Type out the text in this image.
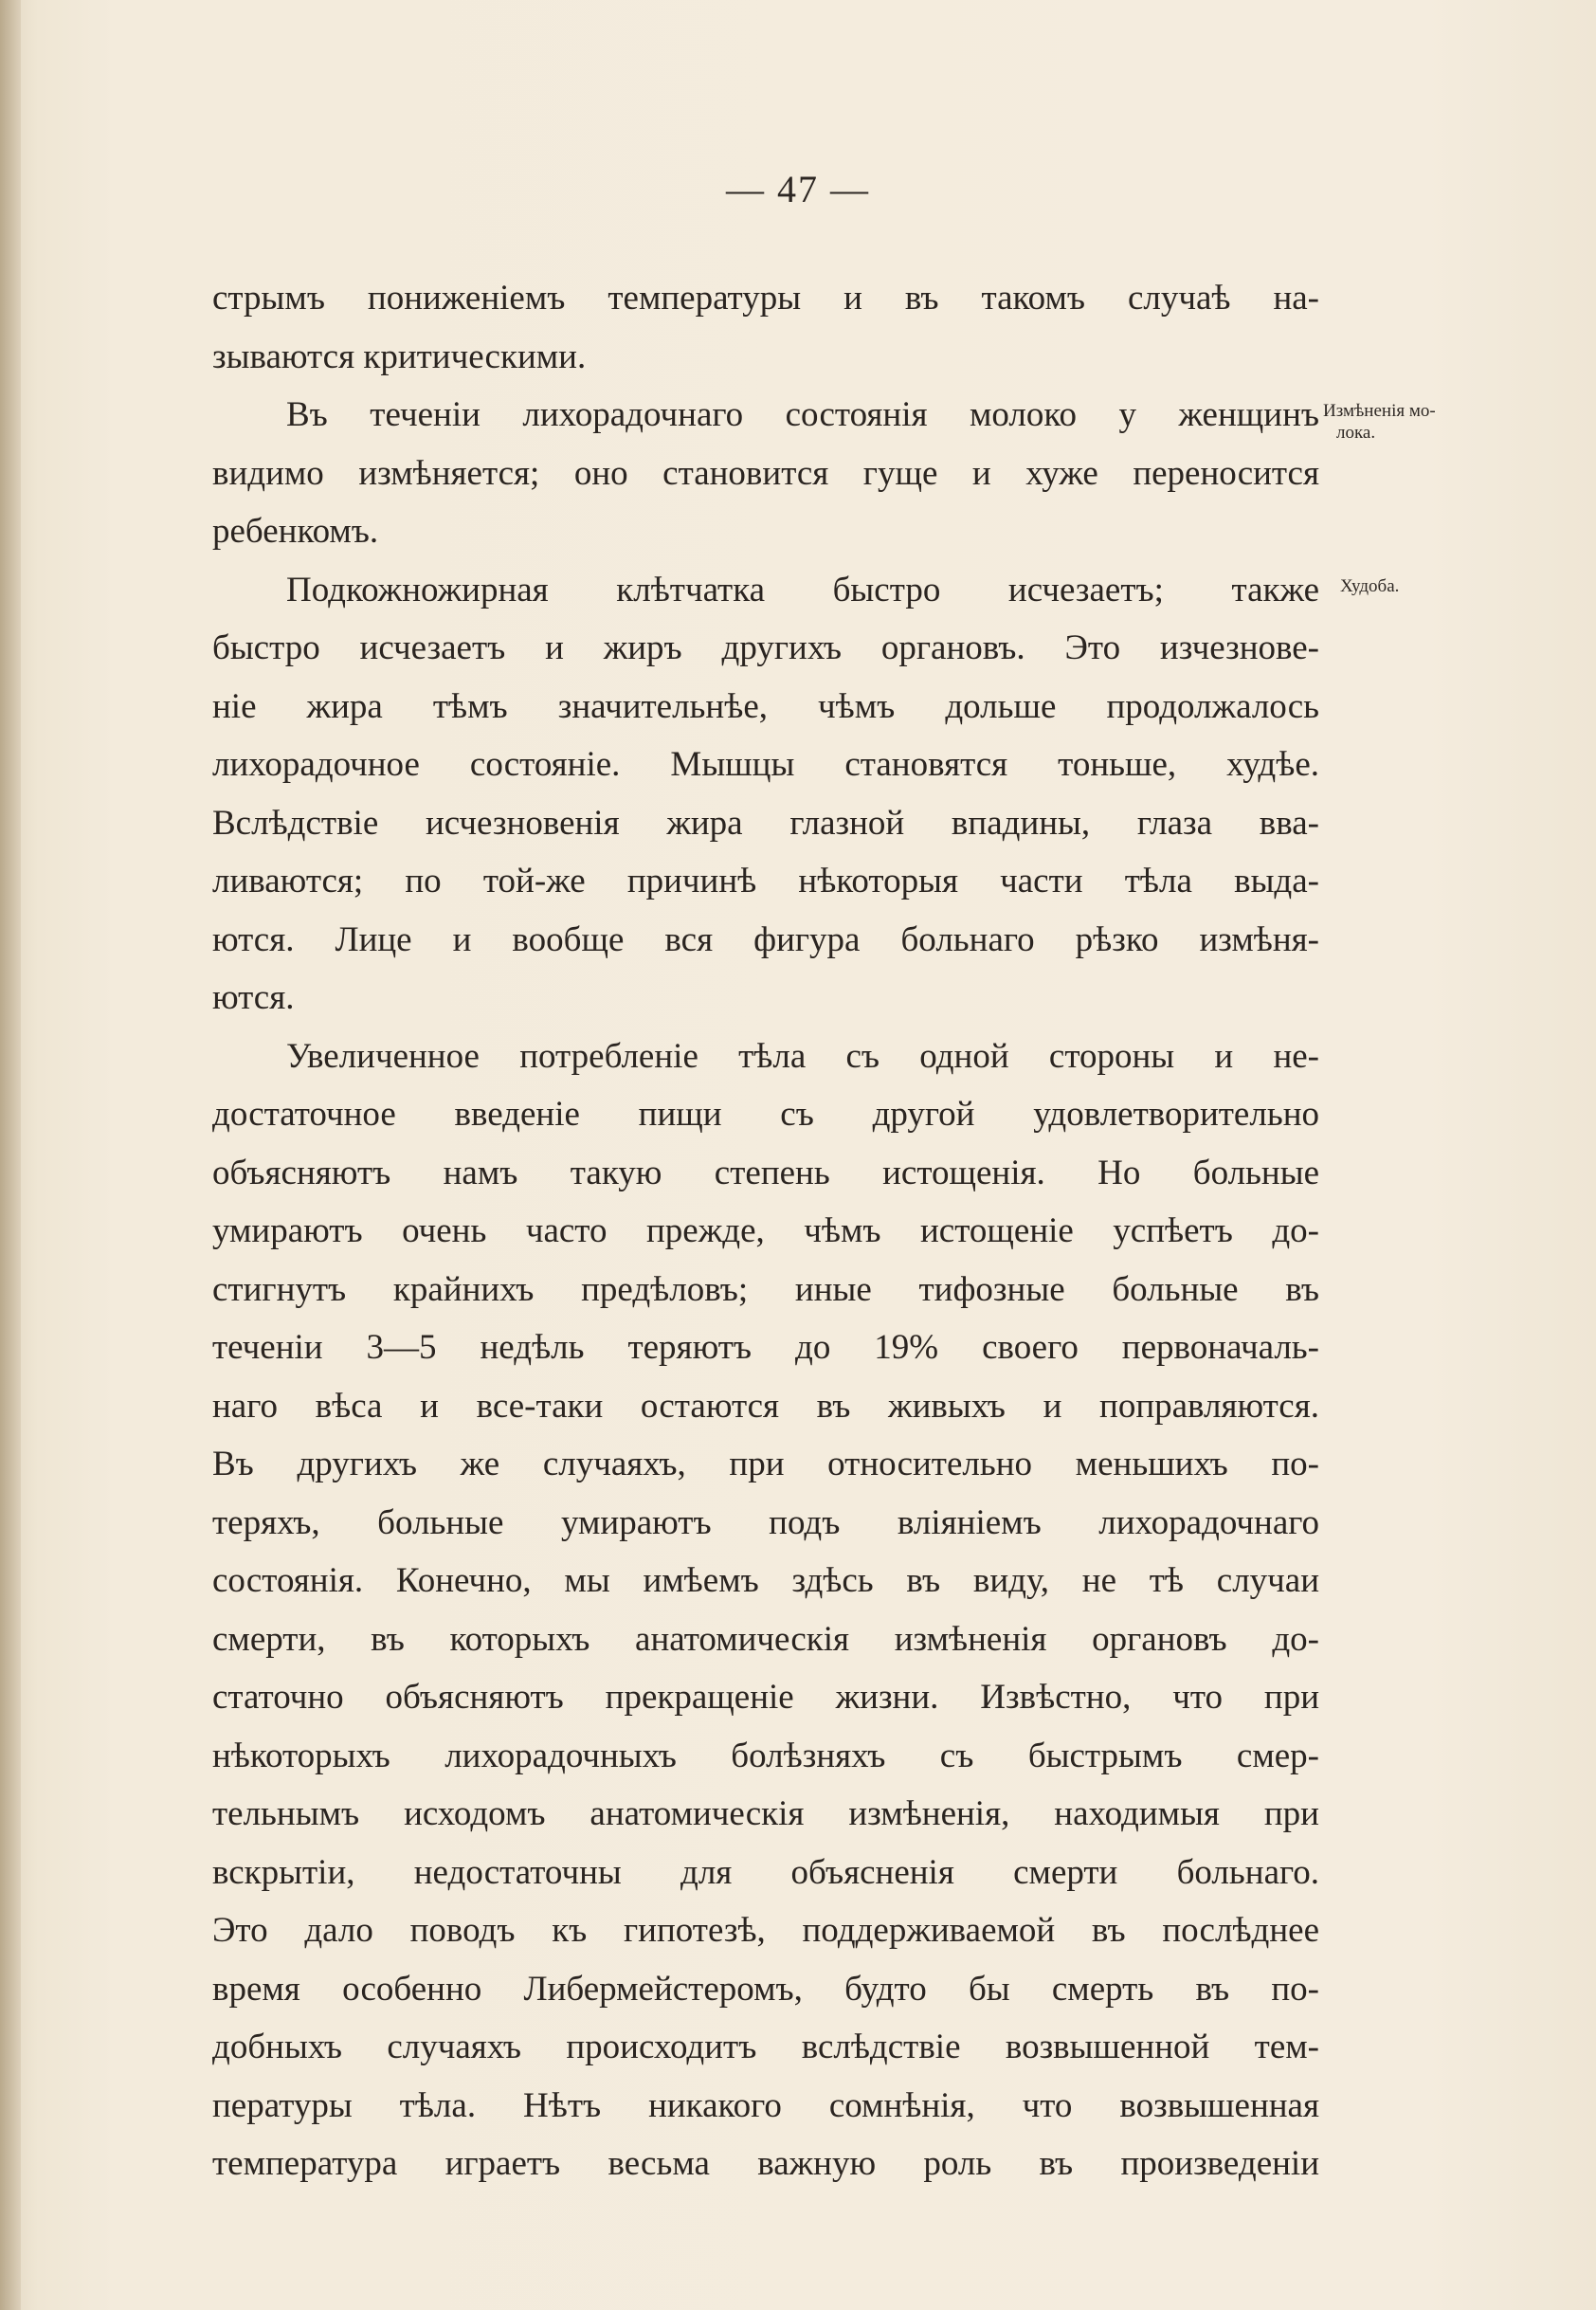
— 47 —
Измѣненія мо-
лока.
Худоба.
стрымъ пониженіемъ температуры и въ такомъ случаѣ на-
зываются критическими.
Въ теченіи лихорадочнаго состоянія молоко у женщинъ
видимо измѣняется; оно становится гуще и хуже переносится
ребенкомъ.
Подкожножирная клѣтчатка быстро исчезаетъ; также
быстро исчезаетъ и жиръ другихъ органовъ. Это изчезнове-
ніе жира тѣмъ значительнѣе, чѣмъ дольше продолжалось
лихорадочное состояніе. Мышцы становятся тоньше, худѣе.
Вслѣдствіе исчезновенія жира глазной впадины, глаза вва-
ливаются; по той-же причинѣ нѣкоторыя части тѣла выда-
ются. Лице и вообще вся фигура больнаго рѣзко измѣня-
ются.
Увеличенное потребленіе тѣла съ одной стороны и не-
достаточное введеніе пищи съ другой удовлетворительно
объясняютъ намъ такую степень истощенія. Но больные
умираютъ очень часто прежде, чѣмъ истощеніе успѣетъ до-
стигнутъ крайнихъ предѣловъ; иные тифозные больные въ
теченіи 3—5 недѣль теряютъ до 19% своего первоначаль-
наго вѣса и все-таки остаются въ живыхъ и поправляются.
Въ другихъ же случаяхъ, при относительно меньшихъ по-
теряхъ, больные умираютъ подъ вліяніемъ лихорадочнаго
состоянія. Конечно, мы имѣемъ здѣсь въ виду, не тѣ случаи
смерти, въ которыхъ анатомическія измѣненія органовъ до-
статочно объясняютъ прекращеніе жизни. Извѣстно, что при
нѣкоторыхъ лихорадочныхъ болѣзняхъ съ быстрымъ смер-
тельнымъ исходомъ анатомическія измѣненія, находимыя при
вскрытіи, недостаточны для объясненія смерти больнаго.
Это дало поводъ къ гипотезѣ, поддерживаемой въ послѣднее
время особенно Либермейстеромъ, будто бы смерть въ по-
добныхъ случаяхъ происходитъ вслѣдствіе возвышенной тем-
пературы тѣла. Нѣтъ никакого сомнѣнія, что возвышенная
температура играетъ весьма важную роль въ произведеніи
